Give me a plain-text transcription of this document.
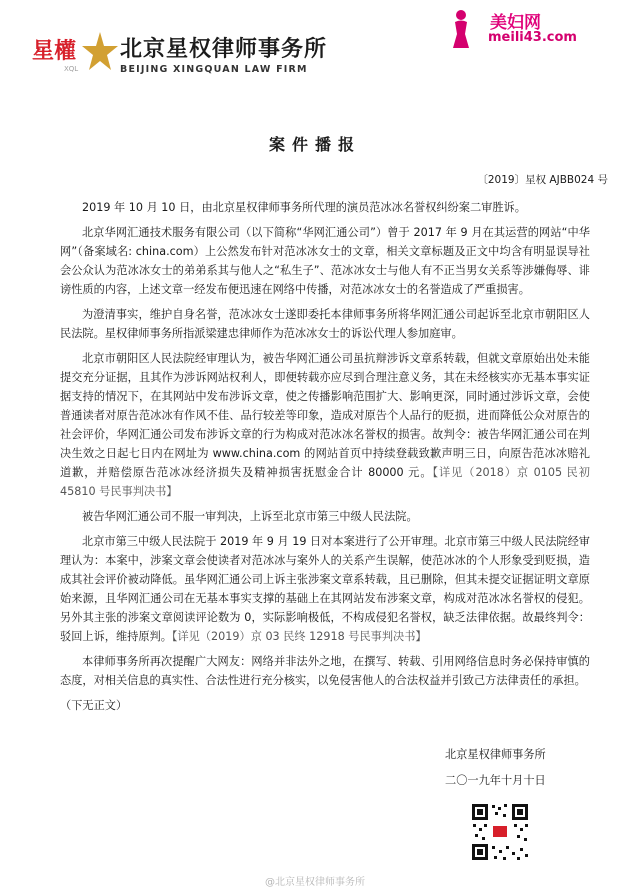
星權
XQL
北京星权律师事务所
BEIJING XINGQUAN LAW FIRM
美妇网
meili43.com
案件播报
〔2019〕星权 AJBB024 号

2019 年 10 月 10 日，由北京星权律师事务所代理的演员范冰冰名誉权纠纷案二审胜诉。

北京华网汇通技术服务有限公司（以下简称“华网汇通公司”）曾于 2017 年 9 月在其运营的网站“中华网”（备案域名: china.com）上公然发布针对范冰冰女士的文章，相关文章标题及正文中均含有明显误导社会公众认为范冰冰女士的弟弟系其与他人之“私生子”、范冰冰女士与他人有不正当男女关系等涉嫌侮辱、诽谤性质的内容，上述文章一经发布便迅速在网络中传播，对范冰冰女士的名誉造成了严重损害。

为澄清事实，维护自身名誉，范冰冰女士遂即委托本律师事务所将华网汇通公司起诉至北京市朝阳区人民法院。星权律师事务所指派梁建忠律师作为范冰冰女士的诉讼代理人参加庭审。

北京市朝阳区人民法院经审理认为，被告华网汇通公司虽抗辩涉诉文章系转载，但就文章原始出处未能提交充分证据，且其作为涉诉网站权利人，即便转载亦应尽到合理注意义务，其在未经核实亦无基本事实证据支持的情况下，在其网站中发布涉诉文章，使之传播影响范围扩大、影响更深，同时通过涉诉文章，会使普通读者对原告范冰冰有作风不佳、品行较差等印象，造成对原告个人品行的贬损，进而降低公众对原告的社会评价，华网汇通公司发布涉诉文章的行为构成对范冰冰名誉权的损害。故判令：被告华网汇通公司在判决生效之日起七日内在网址为 www.china.com 的网站首页中持续登载致歉声明三日，向原告范冰冰赔礼道歉，并赔偿原告范冰冰经济损失及精神损害抚慰金合计 80000 元。【详见（2018）京 0105 民初 45810 号民事判决书】

被告华网汇通公司不服一审判决，上诉至北京市第三中级人民法院。

北京市第三中级人民法院于 2019 年 9 月 19 日对本案进行了公开审理。北京市第三中级人民法院经审理认为：本案中，涉案文章会使读者对范冰冰与案外人的关系产生误解，使范冰冰的个人形象受到贬损，造成其社会评价被动降低。虽华网汇通公司上诉主张涉案文章系转载，且已删除，但其未提交证据证明文章原始来源，且华网汇通公司在无基本事实支撑的基础上在其网站发布涉案文章，构成对范冰冰名誉权的侵犯。另外其主张的涉案文章阅读评论数为 0，实际影响极低，不构成侵犯名誉权，缺乏法律依据。故最终判令：驳回上诉，维持原判。【详见（2019）京 03 民终 12918 号民事判决书】

本律师事务所再次提醒广大网友：网络并非法外之地，在撰写、转载、引用网络信息时务必保持审慎的态度，对相关信息的真实性、合法性进行充分核实，以免侵害他人的合法权益并引致己方法律责任的承担。

（下无正文）

北京星权律师事务所
二〇一九年十月十日
@北京星权律师事务所
